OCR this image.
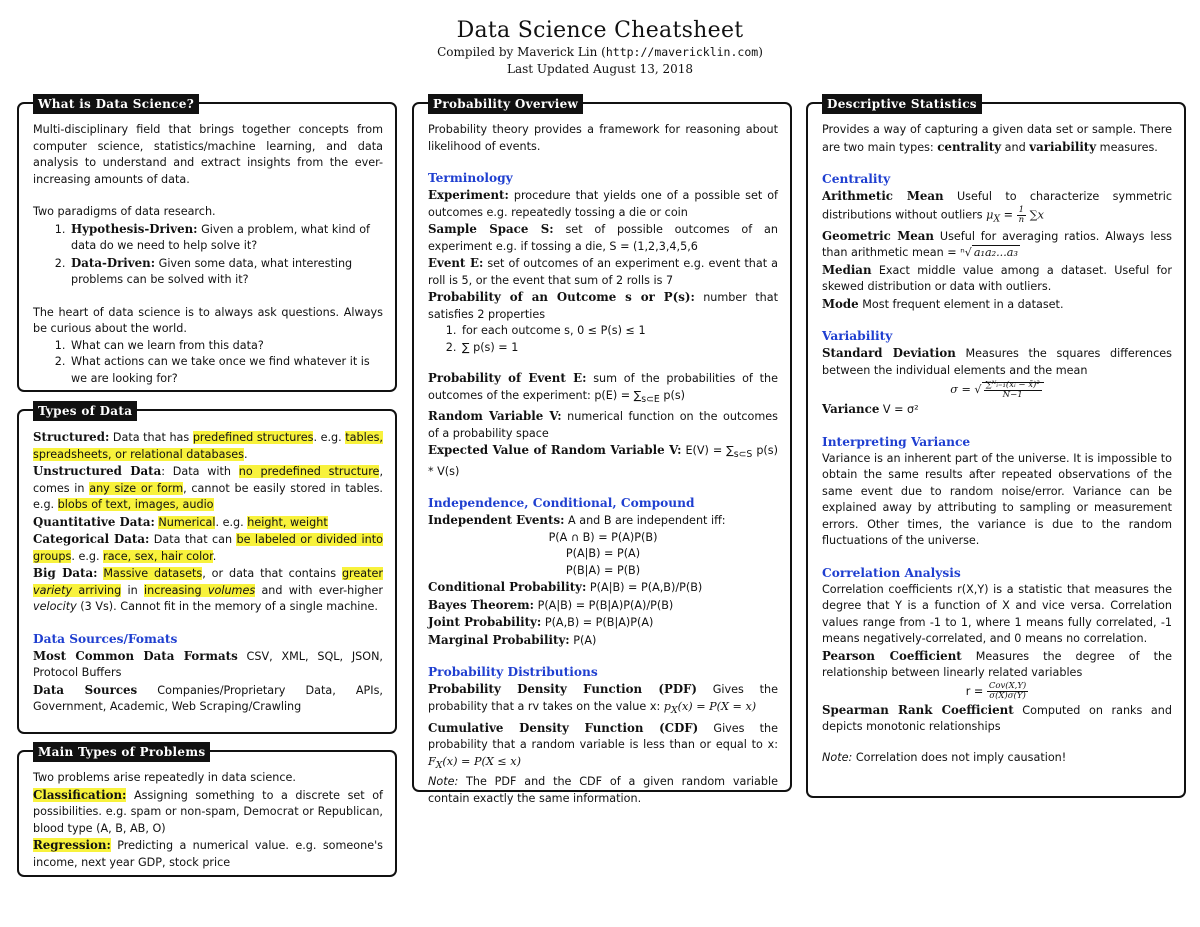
Data Science Cheatsheet
Compiled by Maverick Lin (http://mavericklin.com)
Last Updated August 13, 2018
What is Data Science?

Multi-disciplinary field that brings together concepts from computer science, statistics/machine learning, and data analysis to understand and extract insights from the ever-increasing amounts of data.

Two paradigms of data research.

1. Hypothesis-Driven: Given a problem, what kind of data do we need to help solve it?
2. Data-Driven: Given some data, what interesting problems can be solved with it?

The heart of data science is to always ask questions. Always be curious about the world.

1. What can we learn from this data?
2. What actions can we take once we find whatever it is we are looking for?
Types of Data

Structured: Data that has predefined structures. e.g. tables, spreadsheets, or relational databases.

Unstructured Data: Data with no predefined structure, comes in any size or form, cannot be easily stored in tables. e.g. blobs of text, images, audio

Quantitative Data: Numerical. e.g. height, weight

Categorical Data: Data that can be labeled or divided into groups. e.g. race, sex, hair color.

Big Data: Massive datasets, or data that contains greater variety arriving in increasing volumes and with ever-higher velocity (3 Vs). Cannot fit in the memory of a single machine.

Data Sources/Fomats

Most Common Data Formats CSV, XML, SQL, JSON, Protocol Buffers

Data Sources Companies/Proprietary Data, APIs, Government, Academic, Web Scraping/Crawling

Main Types of Problems

Two problems arise repeatedly in data science.

Classification: Assigning something to a discrete set of possibilities. e.g. spam or non-spam, Democrat or Republican, blood type (A, B, AB, O)

Regression: Predicting a numerical value. e.g. someone's income, next year GDP, stock price

Probability Overview

Probability theory provides a framework for reasoning about likelihood of events.

Terminology

Experiment: procedure that yields one of a possible set of outcomes e.g. repeatedly tossing a die or coin

Sample Space S: set of possible outcomes of an experiment e.g. if tossing a die, S = (1,2,3,4,5,6

Event E: set of outcomes of an experiment e.g. event that a roll is 5, or the event that sum of 2 rolls is 7

Probability of an Outcome s or P(s): number that satisfies 2 properties

1. for each outcome s, 0 ≤ P(s) ≤ 1
2. ∑ p(s) = 1

Probability of Event E: sum of the probabilities of the outcomes of the experiment: $p(E) = \sum_{s\subset E}$ p(s)

Random Variable V: numerical function on the outcomes of a probability space

Expected Value of Random Variable V: $E(V) = \sum_{s\subset S}$ p(s) * V(s)

Independence, Conditional, Compound

Independent Events: A and B are independent iff:

P(A ∩ B) = P(A)P(B)
P(A|B) = P(A)
P(B|A) = P(B)

Conditional Probability: P(A|B) = P(A,B)/P(B)

Bayes Theorem: P(A|B) = P(B|A)P(A)/P(B)

Joint Probability: P(A,B) = P(B|A)P(A)

Marginal Probability: P(A)

Probability Distributions

Probability Density Function (PDF) Gives the probability that a rv takes on the value x: $p_X(x) = P(X = x)$

Cumulative Density Function (CDF) Gives the probability that a random variable is less than or equal to x: $F_X(x) = P(X \le x)$

Note: The PDF and the CDF of a given random variable contain exactly the same information.

Descriptive Statistics

Provides a way of capturing a given data set or sample. There are two main types: centrality and variability measures.

Centrality

Arithmetic Mean Useful to characterize symmetric distributions without outliers $\mu_X = \frac{1}{n} \sum x$

Geometric Mean Useful for averaging ratios. Always less than arithmetic mean = ⁿ√ a₁a₂...a₃

Median Exact middle value among a dataset. Useful for skewed distribution or data with outliers.

Mode Most frequent element in a dataset.

Variability

Standard Deviation Measures the squares differences between the individual elements and the mean

σ = √ $\frac{\text{∑ᴺᵢ₌₁(xᵢ − x̄)²}}{N-1}$

Variance V = σ²

Interpreting Variance

Variance is an inherent part of the universe. It is impossible to obtain the same results after repeated observations of the same event due to random noise/error. Variance can be explained away by attributing to sampling or measurement errors. Other times, the variance is due to the random fluctuations of the universe.

Correlation Analysis

Correlation coefficients r(X,Y) is a statistic that measures the degree that Y is a function of X and vice versa. Correlation values range from -1 to 1, where 1 means fully correlated, -1 means negatively-correlated, and 0 means no correlation.

Pearson Coefficient Measures the degree of the relationship between linearly related variables

$r = \frac{\text{Cov(X,Y)}}{\sigma(X)\sigma(Y)}$

Spearman Rank Coefficient Computed on ranks and depicts monotonic relationships

Note: Correlation does not imply causation!
